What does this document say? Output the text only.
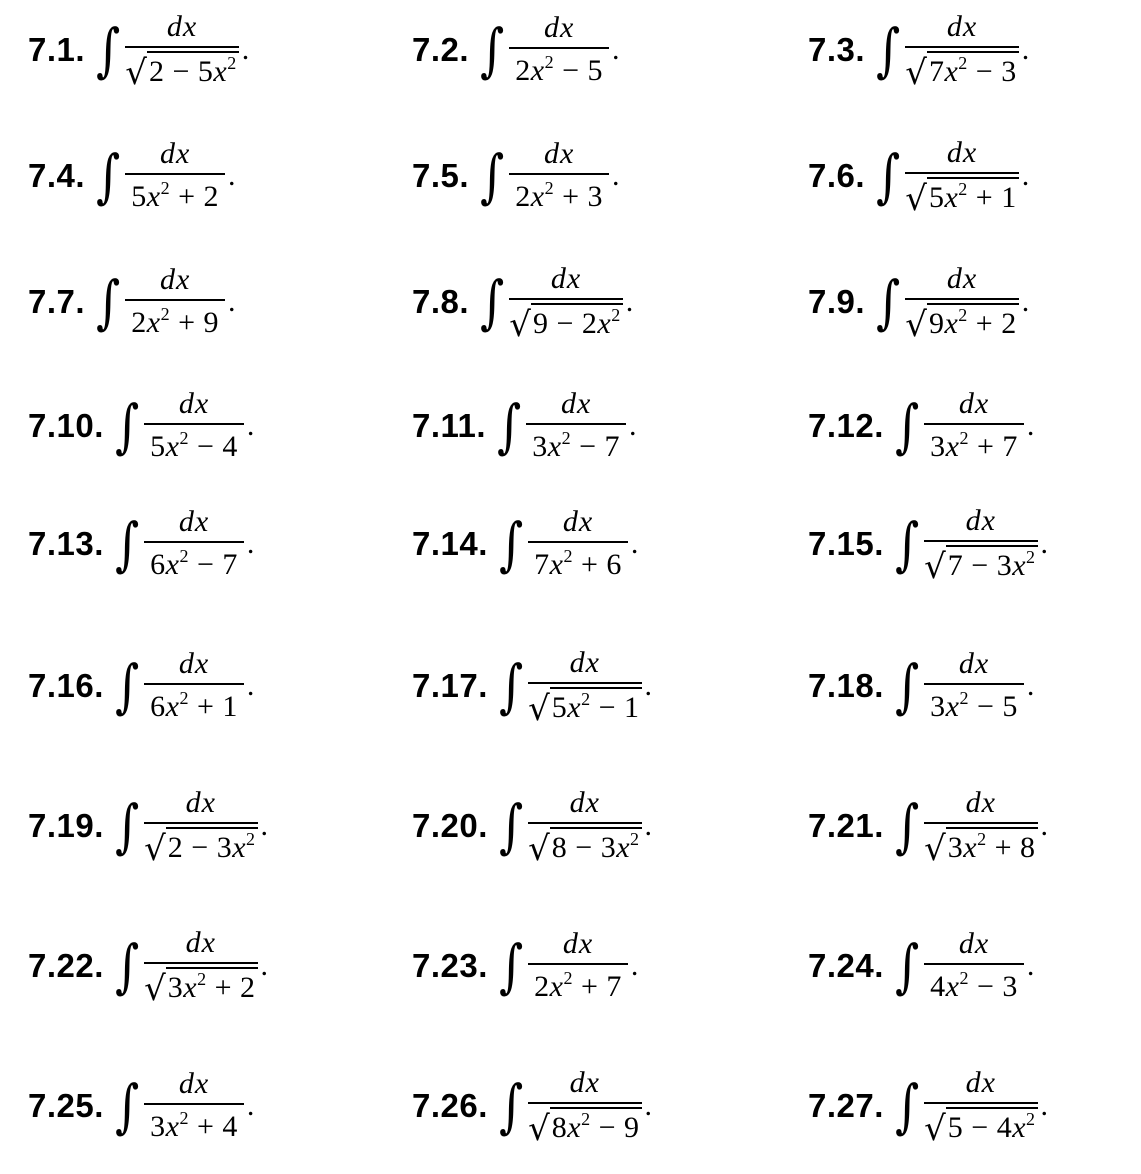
7.1. ∫ $\frac{dx}{√ 2 - 5x^2}$ .	7.2. ∫ $\frac{dx}{2x^2 - 5}$ .	7.3. ∫ $\frac{dx}{√ 7x^2 - 3}$ .
7.4. ∫ $\frac{dx}{5x^2 + 2}$ .	7.5. ∫ $\frac{dx}{2x^2 + 3}$ .	7.6. ∫ $\frac{dx}{√ 5x^2 + 1}$ .
7.7. ∫ $\frac{dx}{2x^2 + 9}$ .	7.8. ∫ $\frac{dx}{√ 9 - 2x^2}$ .	7.9. ∫ $\frac{dx}{√ 9x^2 + 2}$ .
7.10. ∫ $\frac{dx}{5x^2 - 4}$ .	7.11. ∫ $\frac{dx}{3x^2 - 7}$ .	7.12. ∫ $\frac{dx}{3x^2 + 7}$ .
7.13. ∫ $\frac{dx}{6x^2 - 7}$ .	7.14. ∫ $\frac{dx}{7x^2 + 6}$ .	7.15. ∫ $\frac{dx}{√ 7 - 3x^2}$ .
7.16. ∫ $\frac{dx}{6x^2 + 1}$ .	7.17. ∫ $\frac{dx}{√ 5x^2 - 1}$ .	7.18. ∫ $\frac{dx}{3x^2 - 5}$ .
7.19. ∫ $\frac{dx}{√ 2 - 3x^2}$ .	7.20. ∫ $\frac{dx}{√ 8 - 3x^2}$ .	7.21. ∫ $\frac{dx}{√ 3x^2 + 8}$ .
7.22. ∫ $\frac{dx}{√ 3x^2 + 2}$ .	7.23. ∫ $\frac{dx}{2x^2 + 7}$ .	7.24. ∫ $\frac{dx}{4x^2 - 3}$ .
7.25. ∫ $\frac{dx}{3x^2 + 4}$ .	7.26. ∫ $\frac{dx}{√ 8x^2 - 9}$ .	7.27. ∫ $\frac{dx}{√ 5 - 4x^2}$ .
